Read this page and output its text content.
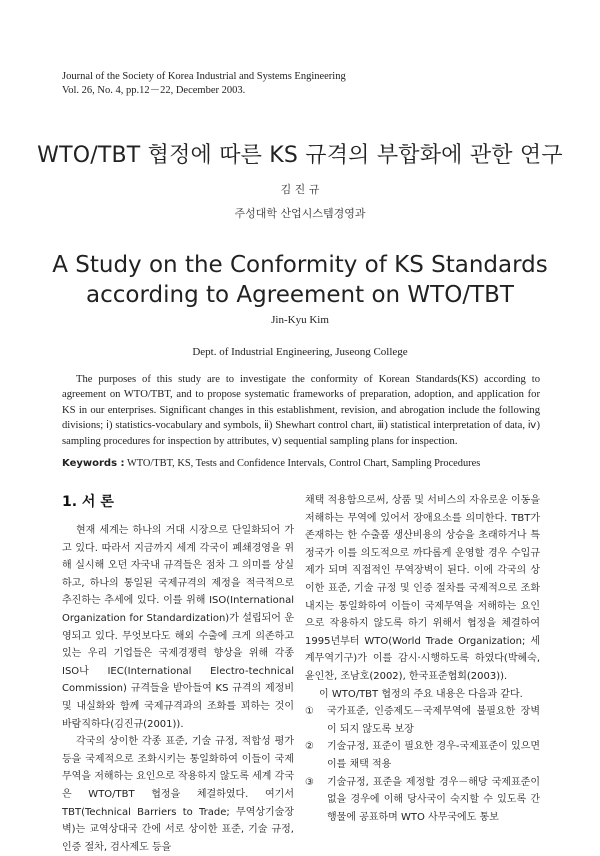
Journal of the Society of Korea Industrial and Systems Engineering
Vol. 26, No. 4, pp.12－22, December 2003.
WTO/TBT 협정에 따른 KS 규격의 부합화에 관한 연구
김 진 규
주성대학 산업시스템경영과
A Study on the Conformity of KS Standards according to Agreement on WTO/TBT
Jin-Kyu Kim
Dept. of Industrial Engineering, Juseong College

The purposes of this study are to investigate the conformity of Korean Standards(KS) according to agreement on WTO/TBT, and to propose systematic frameworks of preparation, adoption, and application for KS in our enterprises. Significant changes in this establishment, revision, and abrogation include the following divisions; ⅰ) statistics-vocabulary and symbols, ⅱ) Shewhart control chart, ⅲ) statistical interpretation of data, ⅳ) sampling procedures for inspection by attributes, ⅴ) sequential sampling plans for inspection.

Keywords : WTO/TBT, KS, Tests and Confidence Intervals, Control Chart, Sampling Procedures
1. 서 론

현재 세계는 하나의 거대 시장으로 단일화되어 가고 있다. 따라서 지금까지 세계 각국이 폐쇄경영을 위해 실시해 오던 자국내 규격들은 점차 그 의미를 상실하고, 하나의 통일된 국제규격의 제정을 적극적으로 추진하는 추세에 있다. 이를 위해 ISO(International Organization for Standardization)가 설립되어 운영되고 있다. 무엇보다도 해외 수출에 크게 의존하고 있는 우리 기업들은 국제경쟁력 향상을 위해 각종 ISO나 IEC(International Electro-technical Commission) 규격들을 받아들여 KS 규격의 제정비 및 내실화와 함께 국제규격과의 조화를 꾀하는 것이 바람직하다(김진규(2001)).

각국의 상이한 각종 표준, 기술 규정, 적합성 평가 등을 국제적으로 조화시키는 통일화하여 이들이 국제무역을 저해하는 요인으로 작용하지 않도록 세계 각국은 WTO/TBT 협정을 체결하였다. 여기서 TBT(Technical Barriers to Trade; 무역상기술장벽)는 교역상대국 간에 서로 상이한 표준, 기술 규정, 인증 절차, 검사제도 등을

채택 적용함으로써, 상품 및 서비스의 자유로운 이동을 저해하는 무역에 있어서 장애요소를 의미한다. TBT가 존재하는 한 수출품 생산비용의 상승을 초래하거나 특정국가 이를 의도적으로 까다롭게 운영할 경우 수입규제가 되며 직접적인 무역장벽이 된다. 이에 각국의 상이한 표준, 기술 규정 및 인증 절차를 국제적으로 조화내지는 통일화하여 이들이 국제무역을 저해하는 요인으로 작용하지 않도록 하기 위해서 협정을 체결하여 1995년부터 WTO(World Trade Organization; 세계무역기구)가 이를 감시·시행하도록 하였다(박혜숙, 윤인찬, 조남호(2002), 한국표준협회(2003)).

이 WTO/TBT 협정의 주요 내용은 다음과 같다.

① 국가표준, 인증제도－국제무역에 불필요한 장벽이 되지 않도록 보장
② 기술규정, 표준이 필요한 경우-국제표준이 있으면 이를 채택 적용
③ 기술규정, 표준을 제정할 경우－해당 국제표준이 없을 경우에 이해 당사국이 숙지할 수 있도록 간행물에 공표하며 WTO 사무국에도 통보
